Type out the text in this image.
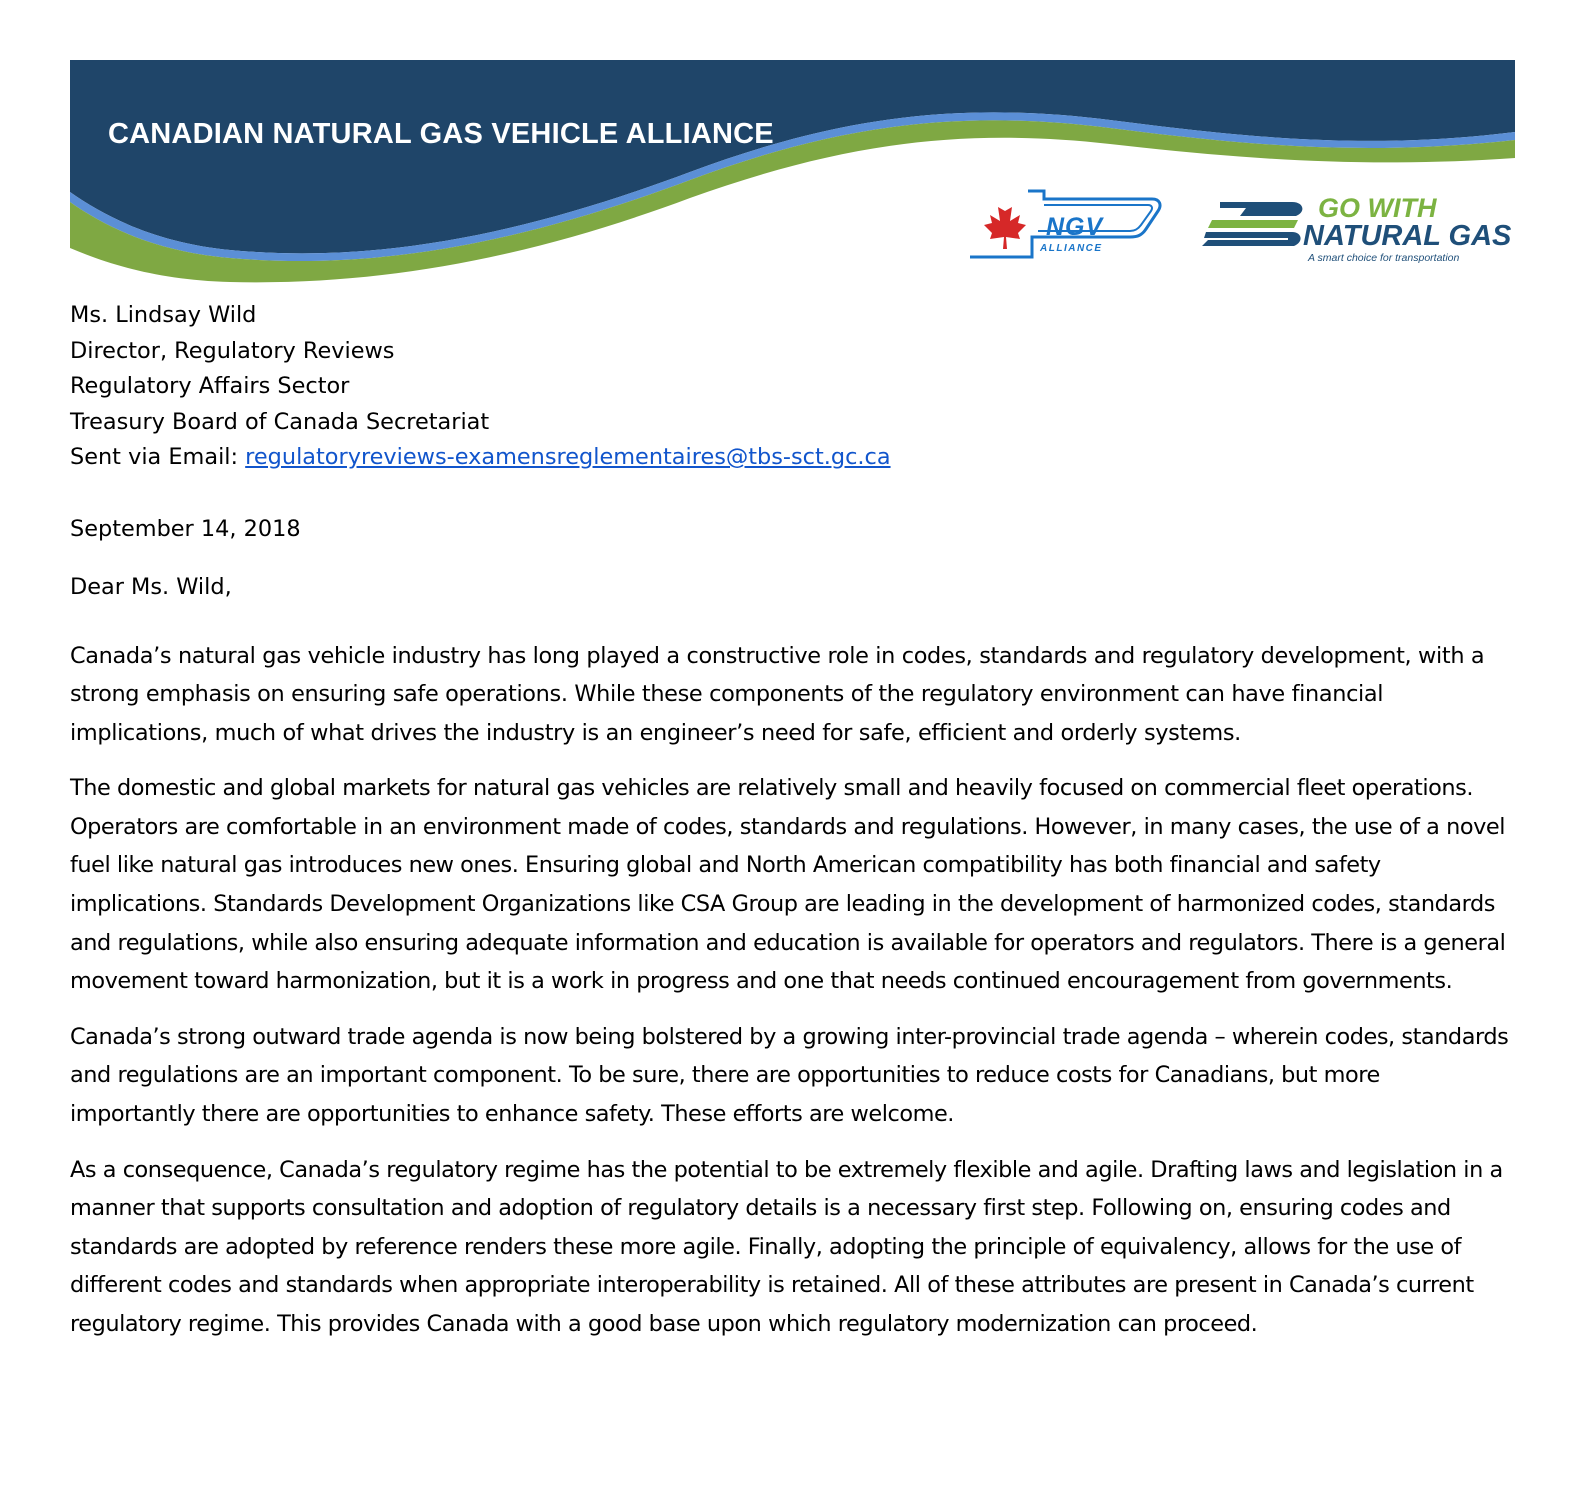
CANADIAN NATURAL GAS VEHICLE ALLIANCE
NGV
ALLIANCE
GO WITH
NATURAL GAS
A smart choice for transportation
Ms. Lindsay Wild
Director, Regulatory Reviews
Regulatory Affairs Sector
Treasury Board of Canada Secretariat
Sent via Email: regulatoryreviews-examensreglementaires@tbs-sct.gc.ca
September 14, 2018
Dear Ms. Wild,

Canada’s natural gas vehicle industry has long played a constructive role in codes, standards and regulatory development, with a strong emphasis on ensuring safe operations. While these components of the regulatory environment can have financial implications, much of what drives the industry is an engineer’s need for safe, efficient and orderly systems.

The domestic and global markets for natural gas vehicles are relatively small and heavily focused on commercial fleet operations. Operators are comfortable in an environment made of codes, standards and regulations. However, in many cases, the use of a novel fuel like natural gas introduces new ones. Ensuring global and North American compatibility has both financial and safety implications. Standards Development Organizations like CSA Group are leading in the development of harmonized codes, standards and regulations, while also ensuring adequate information and education is available for operators and regulators. There is a general movement toward harmonization, but it is a work in progress and one that needs continued encouragement from governments.

Canada’s strong outward trade agenda is now being bolstered by a growing inter-provincial trade agenda – wherein codes, standards and regulations are an important component. To be sure, there are opportunities to reduce costs for Canadians, but more importantly there are opportunities to enhance safety. These efforts are welcome.

As a consequence, Canada’s regulatory regime has the potential to be extremely flexible and agile. Drafting laws and legislation in a manner that supports consultation and adoption of regulatory details is a necessary first step. Following on, ensuring codes and standards are adopted by reference renders these more agile. Finally, adopting the principle of equivalency, allows for the use of different codes and standards when appropriate interoperability is retained. All of these attributes are present in Canada’s current regulatory regime. This provides Canada with a good base upon which regulatory modernization can proceed.
